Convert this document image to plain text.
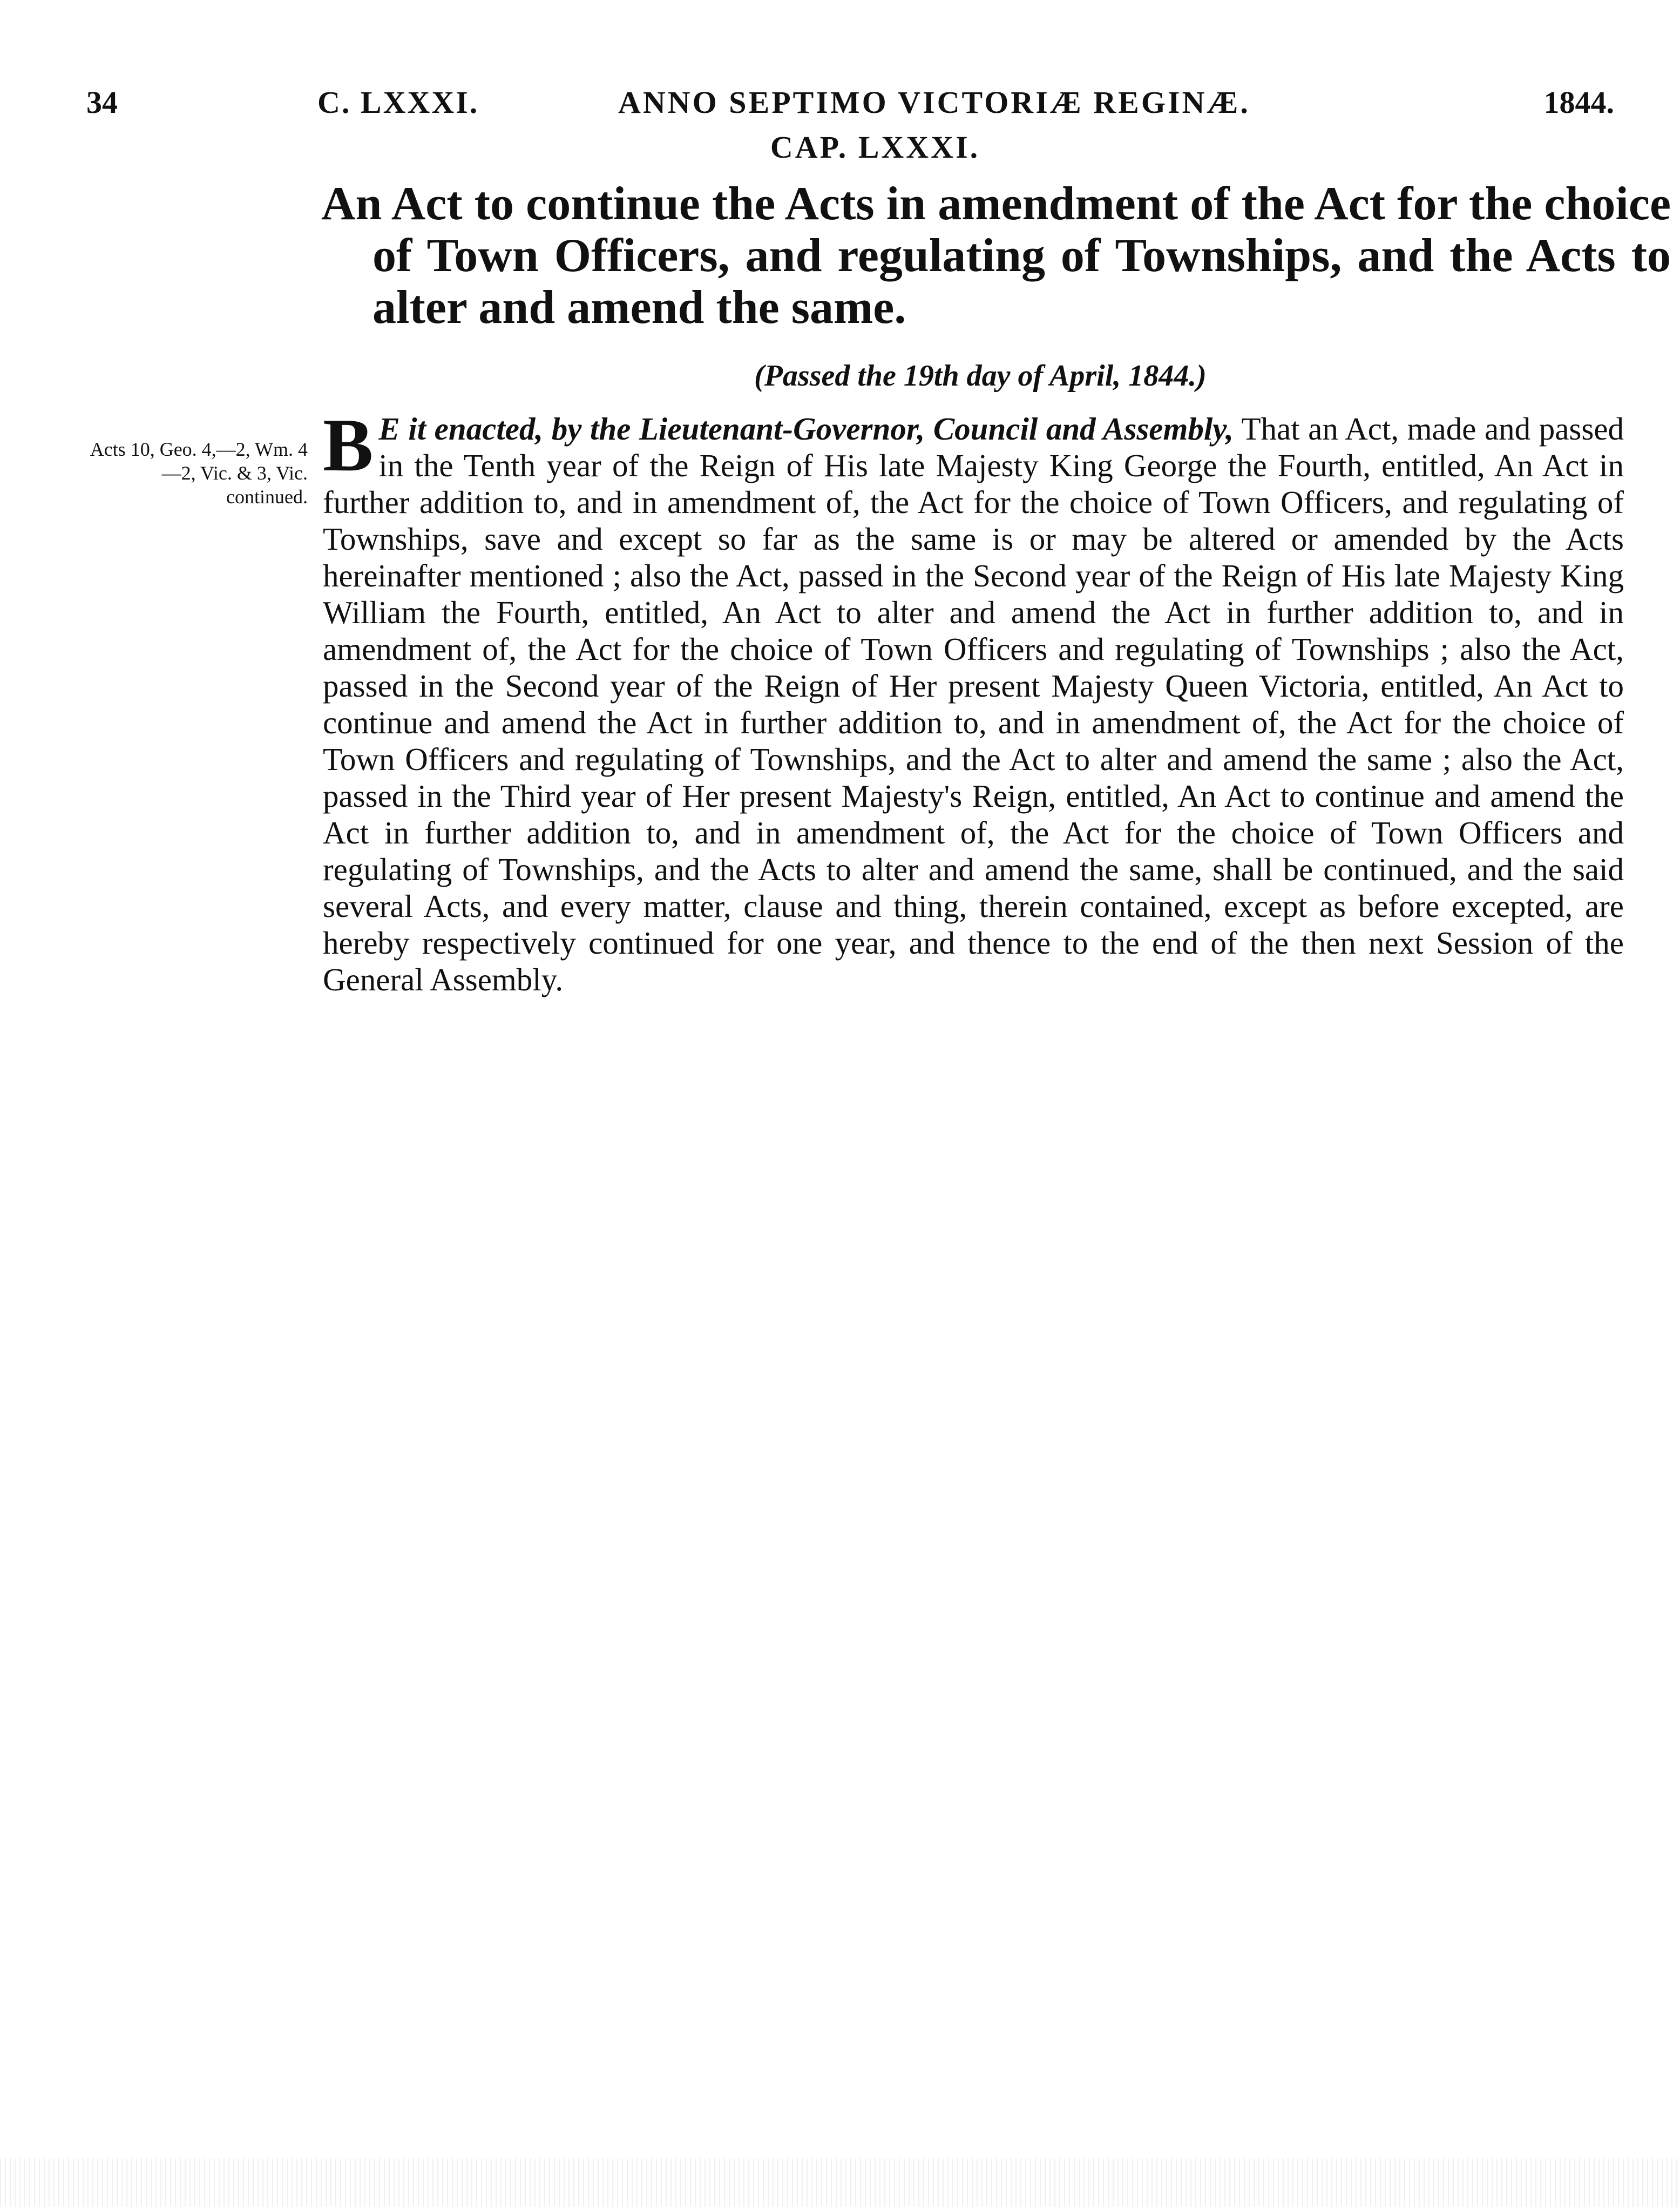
34	C. LXXXI.	ANNO SEPTIMO VICTORIÆ REGINÆ.	1844.
CAP. LXXXI.
An Act to continue the Acts in amendment of the Act for the choice of Town Officers, and regulating of Townships, and the Acts to alter and amend the same.
(Passed the 19th day of April, 1844.)
Acts 10, Geo. 4,—2, Wm. 4—2, Vic. & 3, Vic. continued.
B E it enacted, by the Lieutenant-Governor, Council and Assembly, That an Act, made and passed in the Tenth year of the Reign of His late Majesty King George the Fourth, entitled, An Act in further addition to, and in amendment of, the Act for the choice of Town Officers, and regulating of Townships, save and except so far as the same is or may be altered or amended by the Acts hereinafter mentioned ; also the Act, passed in the Second year of the Reign of His late Majesty King William the Fourth, entitled, An Act to alter and amend the Act in further addition to, and in amendment of, the Act for the choice of Town Officers and regulating of Townships ; also the Act, passed in the Second year of the Reign of Her present Majesty Queen Victoria, entitled, An Act to continue and amend the Act in further addition to, and in amendment of, the Act for the choice of Town Officers and regulating of Townships, and the Act to alter and amend the same ; also the Act, passed in the Third year of Her present Majesty's Reign, entitled, An Act to continue and amend the Act in further addition to, and in amendment of, the Act for the choice of Town Officers and regulating of Townships, and the Acts to alter and amend the same, shall be continued, and the said several Acts, and every matter, clause and thing, therein contained, except as before excepted, are hereby respectively continued for one year, and thence to the end of the then next Session of the General Assembly.
